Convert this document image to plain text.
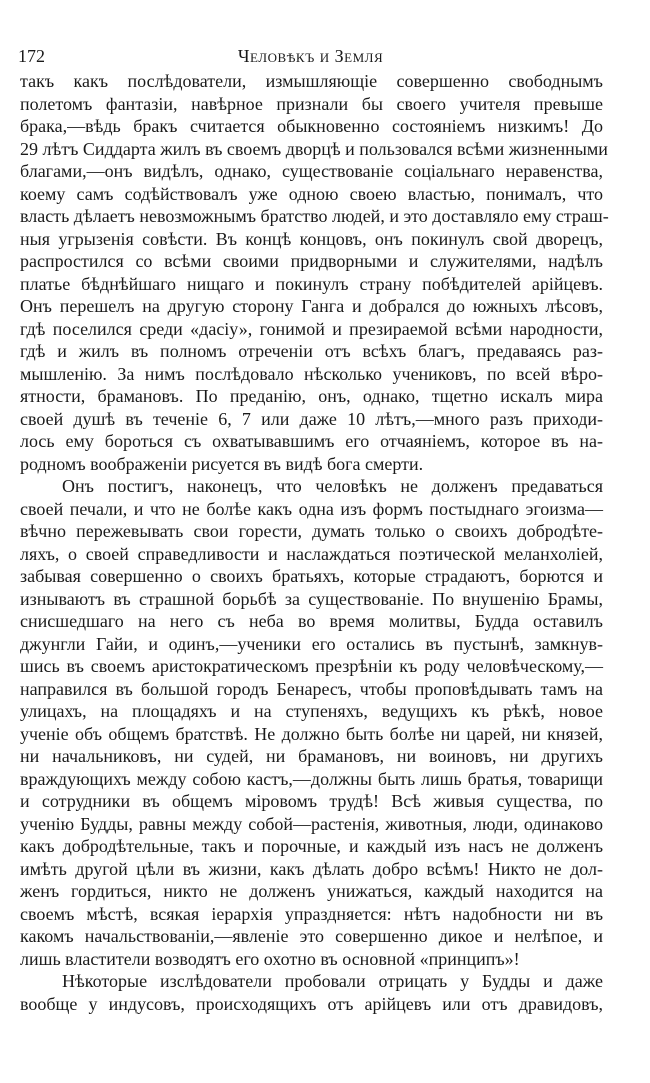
172	Человѣкъ и Земля
такъ какъ послѣдователи, измышляющіе совершенно свободнымъ
полетомъ фантазіи, навѣрное признали бы своего учителя превыше
брака,—вѣдь бракъ считается обыкновенно состояніемъ низкимъ! До
29 лѣтъ Сиддарта жилъ въ своемъ дворцѣ и пользовался всѣми жизненными
благами,—онъ видѣлъ, однако, существованіе соціальнаго неравенства,
коему самъ содѣйствовалъ уже одною своею властью, понималъ, что
власть дѣлаетъ невозможнымъ братство людей, и это доставляло ему страш-
ныя угрызенія совѣсти. Въ концѣ концовъ, онъ покинулъ свой дворецъ,
распростился со всѣми своими придворными и служителями, надѣлъ
платье бѣднѣйшаго нищаго и покинулъ страну побѣдителей арійцевъ.
Онъ перешелъ на другую сторону Ганга и добрался до южныхъ лѣсовъ,
гдѣ поселился среди «дасіу», гонимой и презираемой всѣми народности,
гдѣ и жилъ въ полномъ отреченіи отъ всѣхъ благъ, предаваясь раз-
мышленію. За нимъ послѣдовало нѣсколько учениковъ, по всей вѣро-
ятности, брамановъ. По преданію, онъ, однако, тщетно искалъ мира
своей душѣ въ теченіе 6, 7 или даже 10 лѣтъ,—много разъ приходи-
лось ему бороться съ охватывавшимъ его отчаяніемъ, которое въ на-
родномъ воображеніи рисуется въ видѣ бога смерти.
Онъ постигъ, наконецъ, что человѣкъ не долженъ предаваться
своей печали, и что не болѣе какъ одна изъ формъ постыднаго эгоизма—
вѣчно пережевывать свои горести, думать только о своихъ добродѣте-
ляхъ, о своей справедливости и наслаждаться поэтической меланхоліей,
забывая совершенно о своихъ братьяхъ, которые страдаютъ, борются и
изнываютъ въ страшной борьбѣ за существованіе. По внушенію Брамы,
снисшедшаго на него съ неба во время молитвы, Будда оставилъ
джунгли Гайи, и одинъ,—ученики его остались въ пустынѣ, замкнув-
шись въ своемъ аристократическомъ презрѣніи къ роду человѣческому,—
направился въ большой городъ Бенаресъ, чтобы проповѣдывать тамъ на
улицахъ, на площадяхъ и на ступеняхъ, ведущихъ къ рѣкѣ, новое
ученіе объ общемъ братствѣ. Не должно быть болѣе ни царей, ни князей,
ни начальниковъ, ни судей, ни брамановъ, ни воиновъ, ни другихъ
враждующихъ между собою кастъ,—должны быть лишь братья, товарищи
и сотрудники въ общемъ міровомъ трудѣ! Всѣ живыя существа, по
ученію Будды, равны между собой—растенія, животныя, люди, одинаково
какъ добродѣтельные, такъ и порочные, и каждый изъ насъ не долженъ
имѣть другой цѣли въ жизни, какъ дѣлать добро всѣмъ! Никто не дол-
женъ гордиться, никто не долженъ унижаться, каждый находится на
своемъ мѣстѣ, всякая іерархія упраздняется: нѣтъ надобности ни въ
какомъ начальствованіи,—явленіе это совершенно дикое и нелѣпое, и
лишь властители возводятъ его охотно въ основной «принципъ»!
Нѣкоторые изслѣдователи пробовали отрицать у Будды и даже
вообще у индусовъ, происходящихъ отъ арійцевъ или отъ дравидовъ,
